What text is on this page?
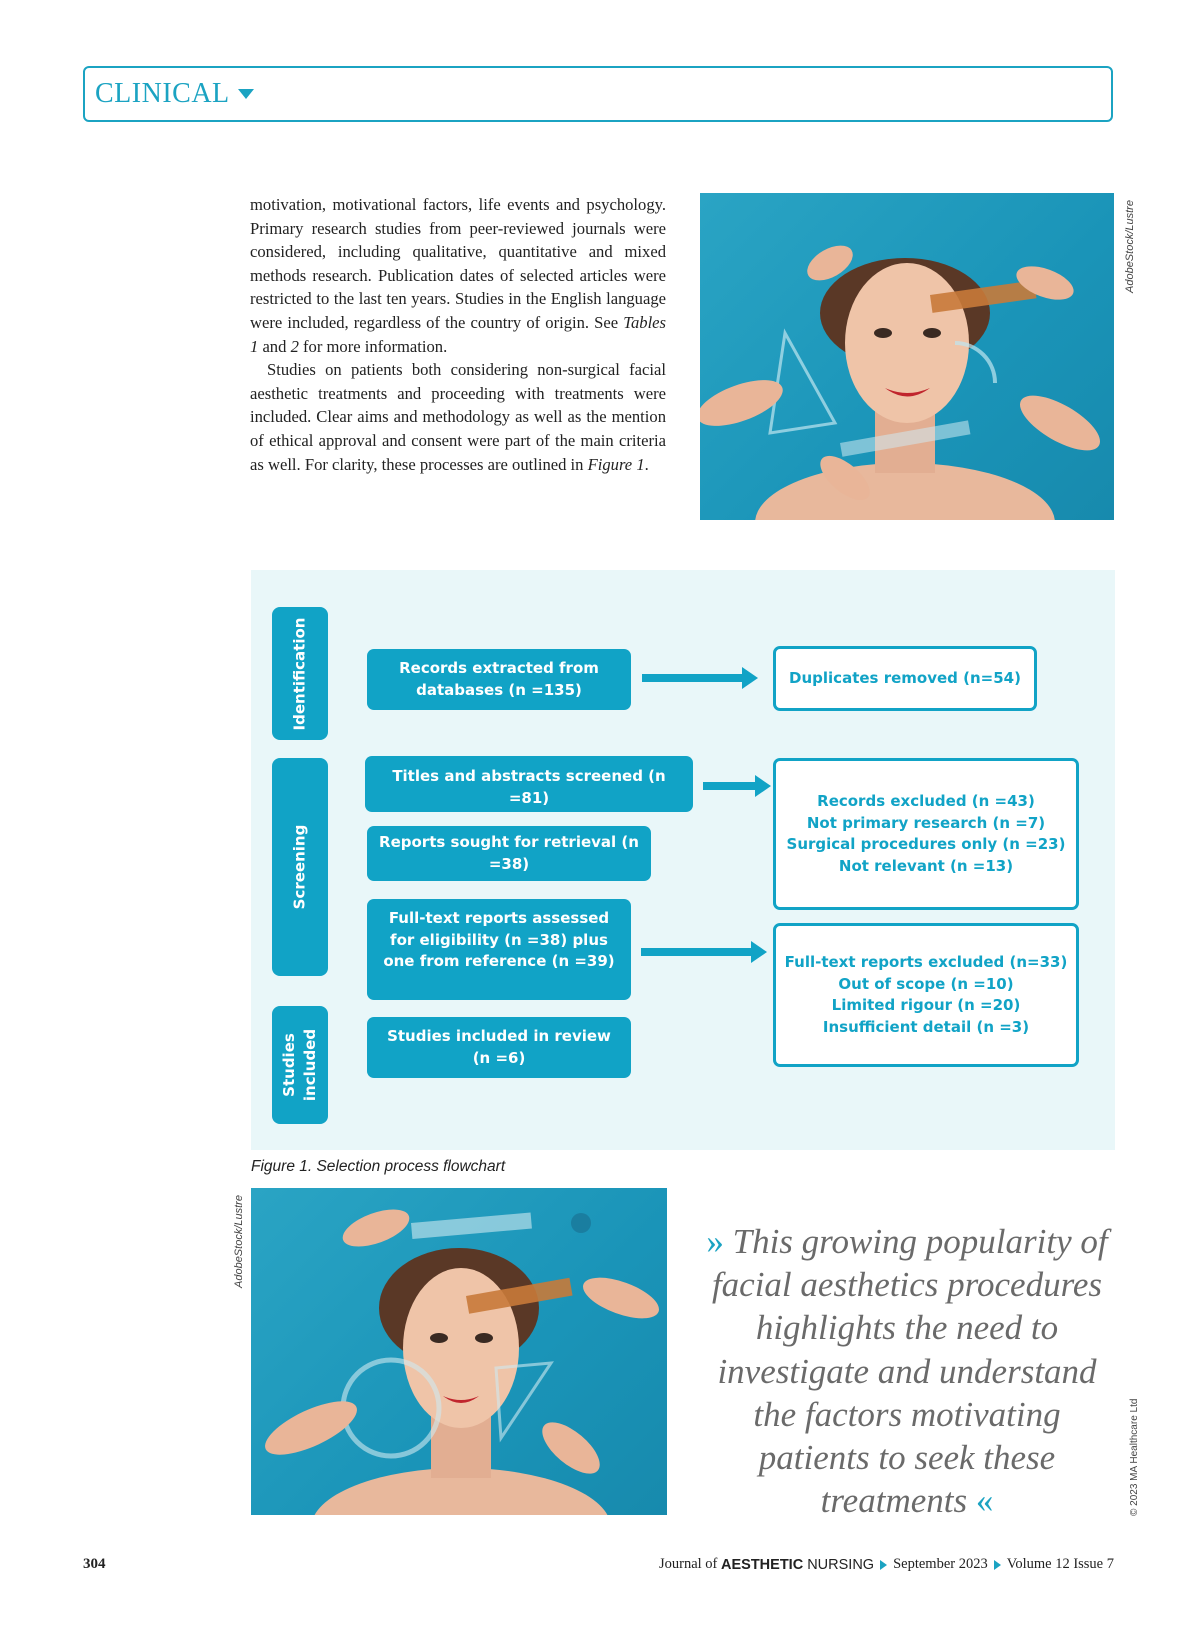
CLINICAL

motivation, motivational factors, life events and psychology. Primary research studies from peer-reviewed journals were considered, including qualitative, quantitative and mixed methods research. Publication dates of selected articles were restricted to the last ten years. Studies in the English language were included, regardless of the country of origin. See Tables 1 and 2 for more information.

Studies on patients both considering non-surgical facial aesthetic treatments and proceeding with treatments were included. Clear aims and methodology as well as the mention of ethical approval and consent were part of the main criteria as well. For clarity, these processes are outlined in Figure 1.

AdobeStock/Lustre
Identification
Screening
Studies included
Records extracted from databases (n =135)
Duplicates removed (n=54)
Titles and abstracts screened (n =81)	Records excluded (n =43)
Not primary research (n =7)
Surgical procedures only (n =23)
Not relevant (n =13)
Reports sought for retrieval (n =38)
Full-text reports assessed for eligibility (n =38) plus one from reference (n =39)	Full-text reports excluded (n=33)
Out of scope (n =10)
Limited rigour (n =20)
Insufficient detail (n =3)
Studies included in review
(n =6)
Figure 1. Selection process flowchart
AdobeStock/Lustre	» This growing popularity of facial aesthetics procedures highlights the need to investigate and understand the factors motivating patients to seek these treatments «	© 2023 MA Healthcare Ltd
304	Journal of AESTHETIC NURSING September 2023 Volume 12 Issue 7
